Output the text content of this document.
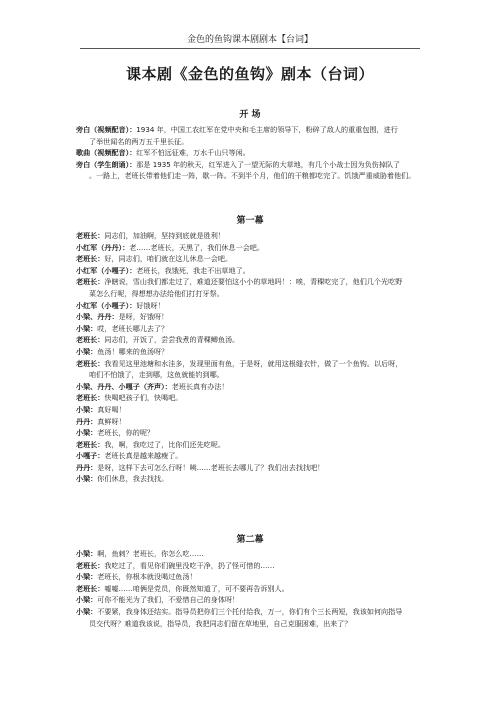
金色的鱼钩课本剧剧本【台词】
课本剧《金色的鱼钩》剧本（台词）
开 场
旁白（视频配音）：1934 年，中国工农红军在党中央和毛主席的领导下，粉碎了敌人的重重包围，进行
了举世闻名的两万五千里长征。
歌曲（视频配音）：红军不怕远征难，万水千山只等闲。
旁白（学生朗诵）：那是 1935 年的秋天，红军进入了一望无际的大草地，有几个小战士因为负伤掉队了
。一路上，老班长带着他们走一阵，歇一阵。不到半个月，他们的干粮都吃完了。饥饿严重威胁着他们。
第一幕
老班长：同志们，加油啊，坚持到底就是胜利！
小红军（丹丹）：老……老班长，天黑了，我们休息一会吧。
老班长：好，同志们，咱们就在这儿休息一会吧。
小红军（小嘎子）：老班长，我饿死，我走不出草地了。
老班长：净瞎说，雪山我们都走过了，难道还要怕这小小的草地吗！：唉，青稞吃完了，他们几个光吃野
菜怎么行呢，得想想办法给他们打打牙祭。
小红军（小嘎子）：好饿呀！
小梁、丹丹：是呀，好饿呀！
小梁：哎，老班长哪儿去了？
老班长：同志们，开饭了，尝尝我煮的青稞鲫鱼汤。
小梁：鱼汤！哪来的鱼汤呀？
老班长：我看见这里池塘和水洼多，发现里面有鱼，于是呀，就用这根缝衣针，做了一个鱼钩。以后呀，
咱们不怕饿了，走到哪，这鱼就能钓到哪。
小梁、丹丹、小嘎子（齐声）：老班长真有办法！
老班长：快喝吧孩子们，快喝吧。
小梁：真好喝！
丹丹：真鲜呀！
小梁：老班长，你的呢？
老班长：我，啊，我吃过了，比你们还先吃呢。
小嘎子：老班长真是越来越瘦了。
丹丹：是呀，这样下去可怎么行呀！咦……老班长去哪儿了？我们出去找找吧！
小梁：你们休息，我去找找。
第二幕
小梁：啊，鱼刺？老班长，你怎么吃……
老班长：我吃过了，看见你们碗里没吃干净，扔了怪可惜的……
小梁：老班长，你根本就没喝过鱼汤！
老班长：嘘嘘……咱俩是党员，你既然知道了，可不要再告诉别人。
小梁：可你不能光为了我们，不爱惜自己的身体呀！
小梁：不要紧，我身体还结实。指导员把你们三个托付给我，万一，你们有个三长两短，我该如何向指导
员交代呀？难道我该说，指导员，我把同志们留在草地里，自己克服困难，出来了？
